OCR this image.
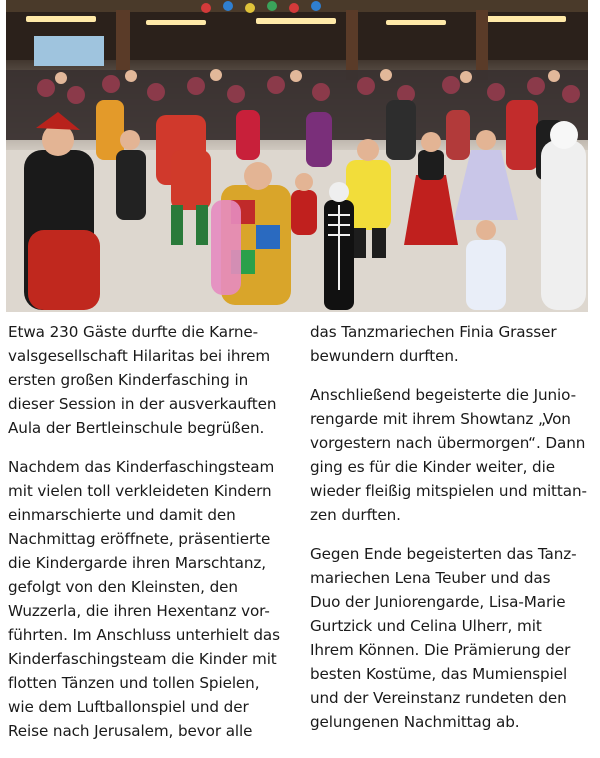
Etwa 230 Gäste durfte die Karne-
valsgesellschaft Hilaritas bei ihrem
ersten großen Kinderfasching in
dieser Session in der ausverkauften
Aula der Bertleinschule begrüßen.

Nachdem das Kinderfaschingsteam
mit vielen toll verkleideten Kindern
einmarschierte und damit den
Nachmittag eröffnete, präsentierte
die Kindergarde ihren Marschtanz,
gefolgt von den Kleinsten, den
Wuzzerla, die ihren Hexentanz vor-
führten. Im Anschluss unterhielt das
Kinderfaschingsteam die Kinder mit
flotten Tänzen und tollen Spielen,
wie dem Luftballonspiel und der
Reise nach Jerusalem, bevor alle

das Tanzmariechen Finia Grasser
bewundern durften.

Anschließend begeisterte die Junio-
rengarde mit ihrem Showtanz „Von
vorgestern nach übermorgen“. Dann
ging es für die Kinder weiter, die
wieder fleißig mitspielen und mittan-
zen durften.

Gegen Ende begeisterten das Tanz-
mariechen Lena Teuber und das
Duo der Juniorengarde, Lisa-Marie
Gurtzick und Celina Ulherr, mit
Ihrem Können. Die Prämierung der
besten Kostüme, das Mumienspiel
und der Vereinstanz rundeten den
gelungenen Nachmittag ab.
